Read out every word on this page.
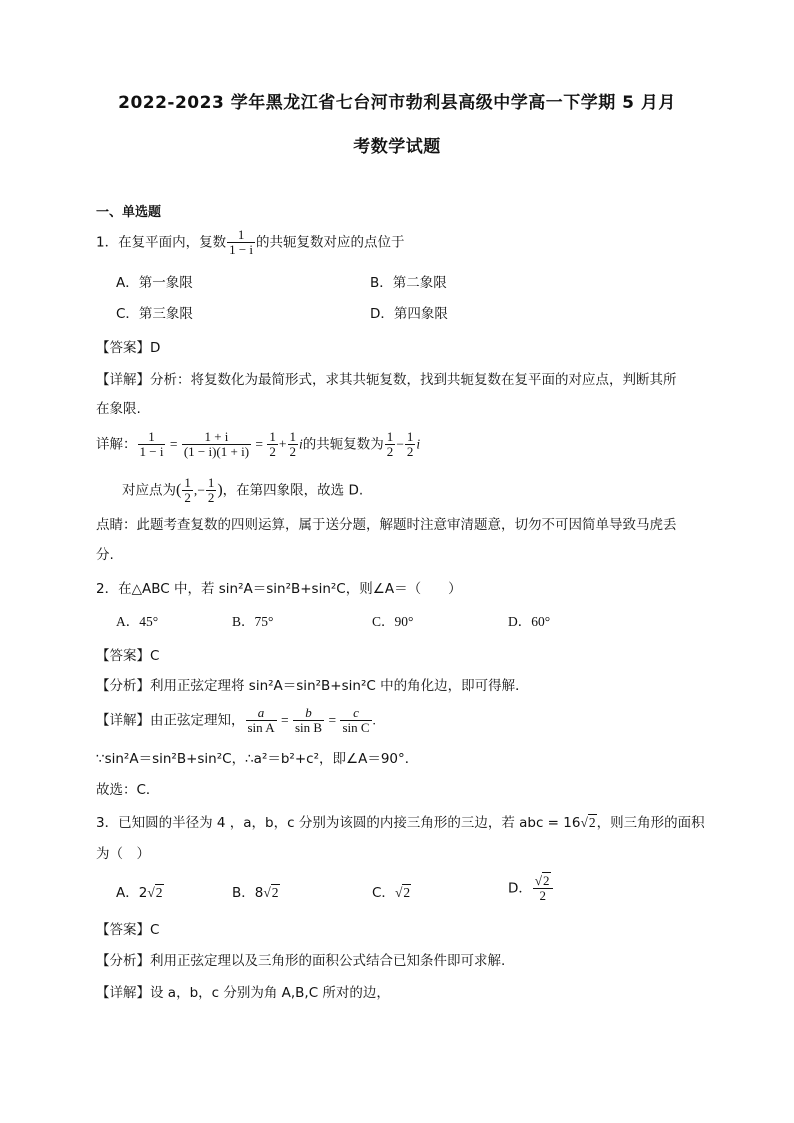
2022-2023 学年黑龙江省七台河市勃利县高级中学高一下学期 5 月月
考数学试题
一、单选题
1．在复平面内，复数 $\frac{1}{1 - i}$ 的共轭复数对应的点位于
A．第一象限	B．第二象限
C．第三象限	D．第四象限
【答案】D
【详解】分析：将复数化为最简形式，求其共轭复数，找到共轭复数在复平面的对应点，判断其所
在象限.
详解： $\frac{1}{1 - i} = \frac{1 + i}{(1 - i)(1 + i)} = \frac{1}{2} + \frac{1}{2}$ i的共轭复数为 $\frac{1}{2} - \frac{1}{2}$ i
对应点为( $\frac{1}{2}$ ,− $\frac{1}{2}$ )，在第四象限，故选 D.
点睛：此题考查复数的四则运算，属于送分题，解题时注意审清题意，切勿不可因简单导致马虎丢
分.
2．在△ABC 中，若 sin²A＝sin²B+sin²C，则∠A＝（　　）
A．45°	B．75°	C．90°	D．60°
【答案】C
【分析】利用正弦定理将 sin²A＝sin²B+sin²C 中的角化边，即可得解．
【详解】由正弦定理知， $\frac{a}{\text{sin A}} = \frac{b}{\text{sin B}} = \frac{c}{\text{sin C}}$ .
∵sin²A＝sin²B+sin²C，∴a²＝b²+c²，即∠A＝90°．
故选：C．
3．已知圆的半径为 4 ，a，b，c 分别为该圆的内接三角形的三边，若 abc = 16√2，则三角形的面积
为（　）
A．2√2	B．8√2	C．√2	D． $\frac{√2}{2}$
【答案】C
【分析】利用正弦定理以及三角形的面积公式结合已知条件即可求解.
【详解】设 a，b，c 分别为角 A,B,C 所对的边，
